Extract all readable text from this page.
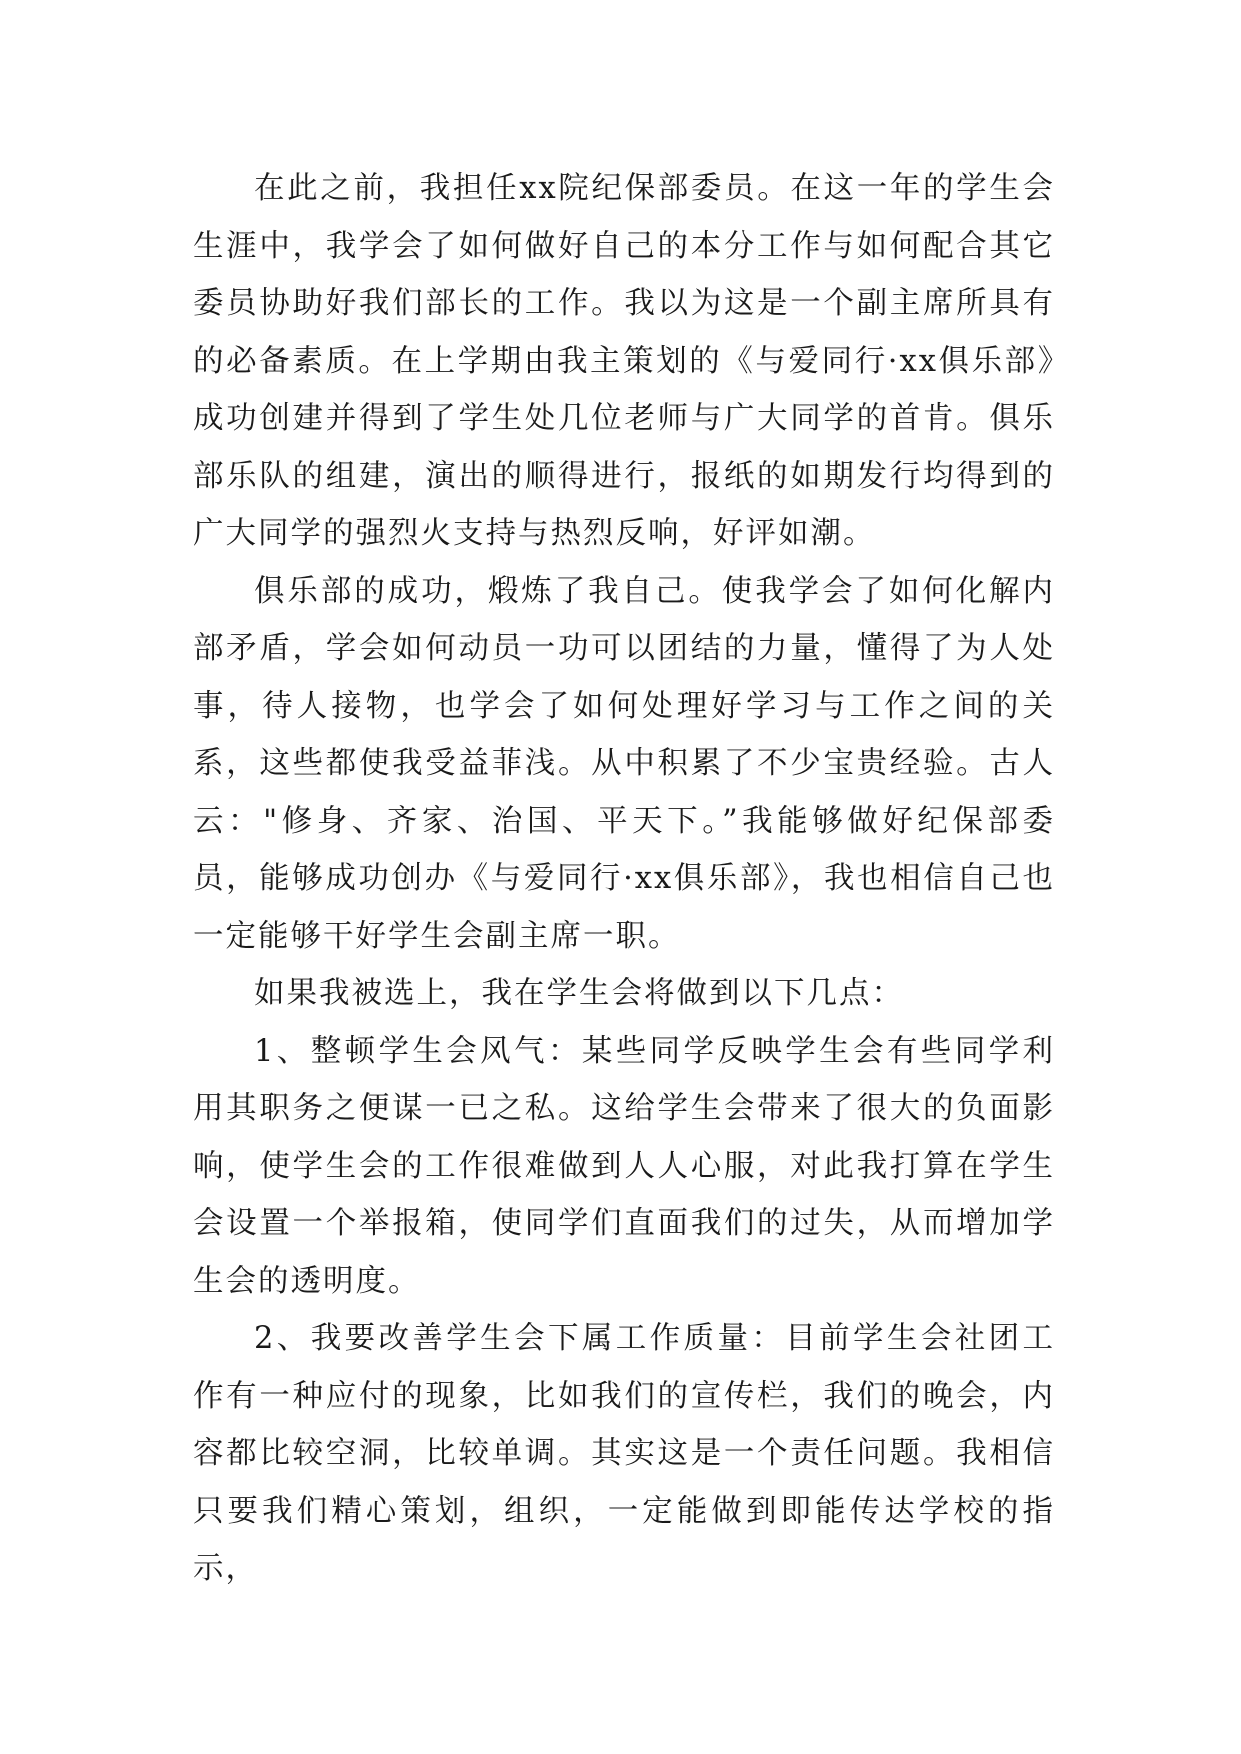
在此之前，我担任xx院纪保部委员。在这一年的学生会生涯中，我学会了如何做好自己的本分工作与如何配合其它委员协助好我们部长的工作。我以为这是一个副主席所具有的必备素质。在上学期由我主策划的《与爱同行·xx俱乐部》成功创建并得到了学生处几位老师与广大同学的首肯。俱乐部乐队的组建，演出的顺得进行，报纸的如期发行均得到的广大同学的强烈火支持与热烈反响，好评如潮。

俱乐部的成功，煅炼了我自己。使我学会了如何化解内部矛盾，学会如何动员一功可以团结的力量，懂得了为人处事，待人接物，也学会了如何处理好学习与工作之间的关系，这些都使我受益菲浅。从中积累了不少宝贵经验。古人云："修身、齐家、治国、平天下。”我能够做好纪保部委员，能够成功创办《与爱同行·xx俱乐部》，我也相信自己也一定能够干好学生会副主席一职。

如果我被选上，我在学生会将做到以下几点：

1、整顿学生会风气：某些同学反映学生会有些同学利用其职务之便谋一已之私。这给学生会带来了很大的负面影响，使学生会的工作很难做到人人心服，对此我打算在学生会设置一个举报箱，使同学们直面我们的过失，从而增加学生会的透明度。

2、我要改善学生会下属工作质量：目前学生会社团工作有一种应付的现象，比如我们的宣传栏，我们的晚会，内容都比较空洞，比较单调。其实这是一个责任问题。我相信只要我们精心策划，组织，一定能做到即能传达学校的指示，
